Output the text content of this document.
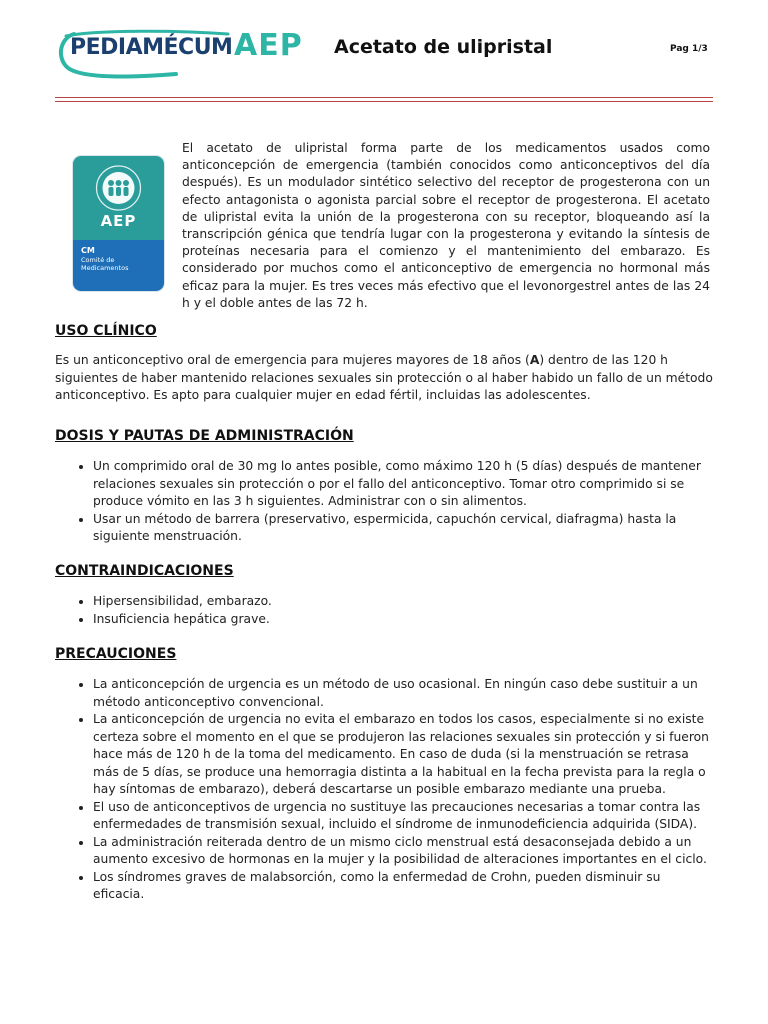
PEDIAMÉCUM AEP Acetato de ulipristal	Pag 1/3
AEP
CM
Comité de Medicamentos

El acetato de ulipristal forma parte de los medicamentos usados como anticoncepción de emergencia (también conocidos como anticonceptivos del día después). Es un modulador sintético selectivo del receptor de progesterona con un efecto antagonista o agonista parcial sobre el receptor de progesterona. El acetato de ulipristal evita la unión de la progesterona con su receptor, bloqueando así la transcripción génica que tendría lugar con la progesterona y evitando la síntesis de proteínas necesaria para el comienzo y el mantenimiento del embarazo. Es considerado por muchos como el anticonceptivo de emergencia no hormonal más eficaz para la mujer. Es tres veces más efectivo que el levonorgestrel antes de las 24 h y el doble antes de las 72 h.

USO CLÍNICO

Es un anticonceptivo oral de emergencia para mujeres mayores de 18 años (A) dentro de las 120 h siguientes de haber mantenido relaciones sexuales sin protección o al haber habido un fallo de un método anticonceptivo. Es apto para cualquier mujer en edad fértil, incluidas las adolescentes.

DOSIS Y PAUTAS DE ADMINISTRACIÓN
• Un comprimido oral de 30 mg lo antes posible, como máximo 120 h (5 días) después de mantener relaciones sexuales sin protección o por el fallo del anticonceptivo. Tomar otro comprimido si se produce vómito en las 3 h siguientes. Administrar con o sin alimentos.
• Usar un método de barrera (preservativo, espermicida, capuchón cervical, diafragma) hasta la siguiente menstruación.
CONTRAINDICACIONES
• Hipersensibilidad, embarazo.
• Insuficiencia hepática grave.
PRECAUCIONES
• La anticoncepción de urgencia es un método de uso ocasional. En ningún caso debe sustituir a un método anticonceptivo convencional.
• La anticoncepción de urgencia no evita el embarazo en todos los casos, especialmente si no existe certeza sobre el momento en el que se produjeron las relaciones sexuales sin protección y si fueron hace más de 120 h de la toma del medicamento. En caso de duda (si la menstruación se retrasa más de 5 días, se produce una hemorragia distinta a la habitual en la fecha prevista para la regla o hay síntomas de embarazo), deberá descartarse un posible embarazo mediante una prueba.
• El uso de anticonceptivos de urgencia no sustituye las precauciones necesarias a tomar contra las enfermedades de transmisión sexual, incluido el síndrome de inmunodeficiencia adquirida (SIDA).
• La administración reiterada dentro de un mismo ciclo menstrual está desaconsejada debido a un aumento excesivo de hormonas en la mujer y la posibilidad de alteraciones importantes en el ciclo.
• Los síndromes graves de malabsorción, como la enfermedad de Crohn, pueden disminuir su eficacia.
